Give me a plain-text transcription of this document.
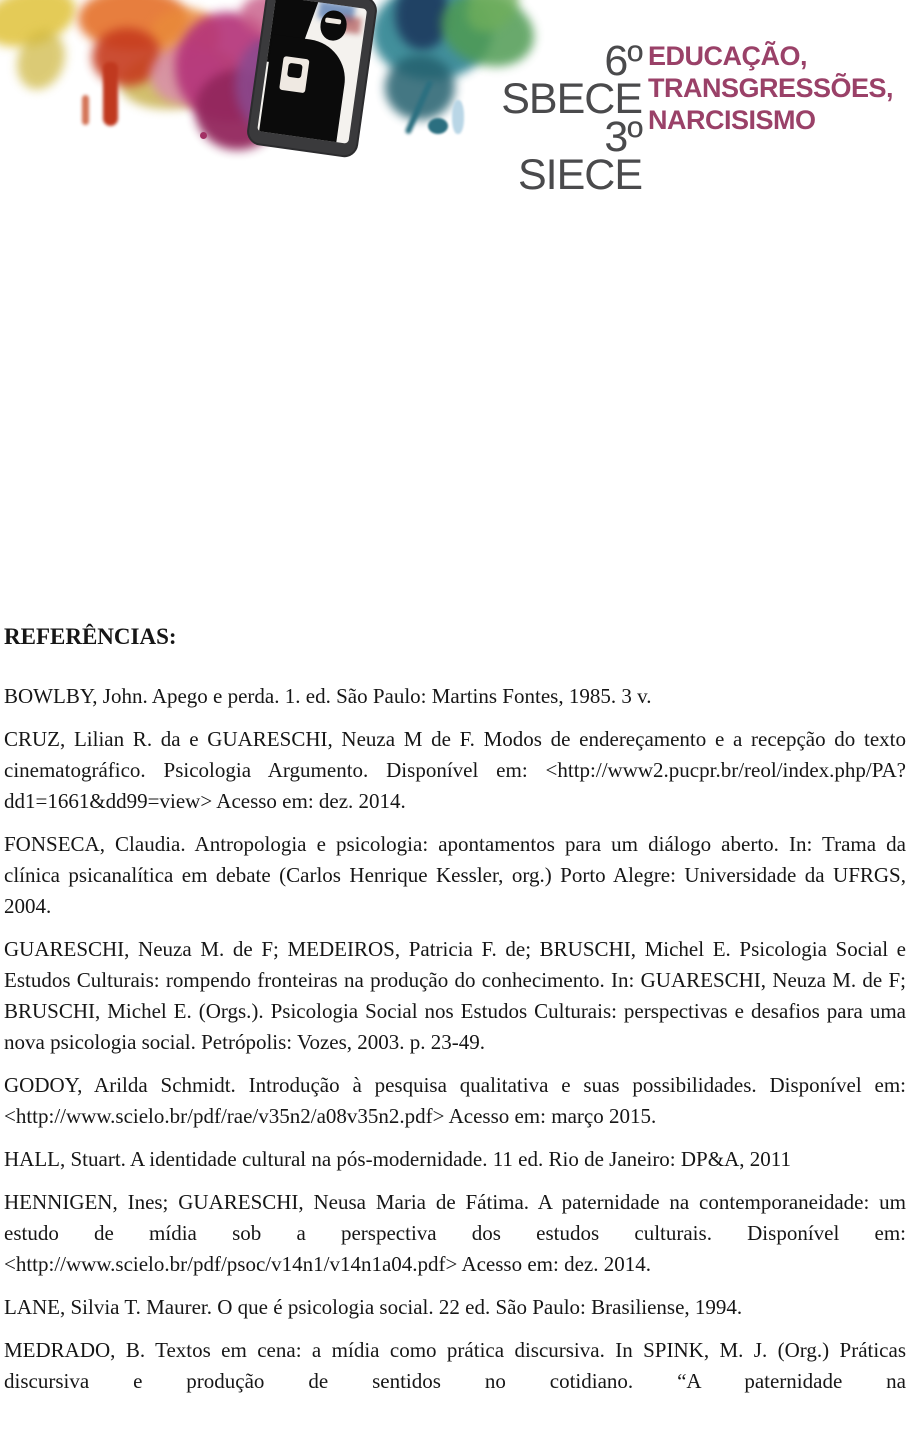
6º SBECE
3º SIECE
EDUCAÇÃO,
TRANSGRESSÕES,
NARCISISMO
REFERÊNCIAS:

BOWLBY, John. Apego e perda. 1. ed. São Paulo: Martins Fontes, 1985. 3 v.

CRUZ, Lilian R. da e GUARESCHI, Neuza M de F. Modos de endereçamento e a recepção do texto cinematográfico. Psicologia Argumento. Disponível em: <http://www2.pucpr.br/reol/index.php/PA?dd1=1661&dd99=view> Acesso em: dez. 2014.

FONSECA, Claudia. Antropologia e psicologia: apontamentos para um diálogo aberto. In: Trama da clínica psicanalítica em debate (Carlos Henrique Kessler, org.) Porto Alegre: Universidade da UFRGS, 2004.

GUARESCHI, Neuza M. de F; MEDEIROS, Patricia F. de; BRUSCHI, Michel E. Psicologia Social e Estudos Culturais: rompendo fronteiras na produção do conhecimento. In: GUARESCHI, Neuza M. de F; BRUSCHI, Michel E. (Orgs.). Psicologia Social nos Estudos Culturais: perspectivas e desafios para uma nova psicologia social. Petrópolis: Vozes, 2003. p. 23-49.

GODOY, Arilda Schmidt. Introdução à pesquisa qualitativa e suas possibilidades. Disponível em: <http://www.scielo.br/pdf/rae/v35n2/a08v35n2.pdf> Acesso em: março 2015.

HALL, Stuart. A identidade cultural na pós-modernidade. 11 ed. Rio de Janeiro: DP&A, 2011

HENNIGEN, Ines; GUARESCHI, Neusa Maria de Fátima. A paternidade na contemporaneidade: um estudo de mídia sob a perspectiva dos estudos culturais. Disponível em: <http://www.scielo.br/pdf/psoc/v14n1/v14n1a04.pdf> Acesso em: dez. 2014.

LANE, Silvia T. Maurer. O que é psicologia social. 22 ed. São Paulo: Brasiliense, 1994.

MEDRADO, B. Textos em cena: a mídia como prática discursiva. In SPINK, M. J. (Org.) Práticas discursiva e produção de sentidos no cotidiano. “A paternidade na
